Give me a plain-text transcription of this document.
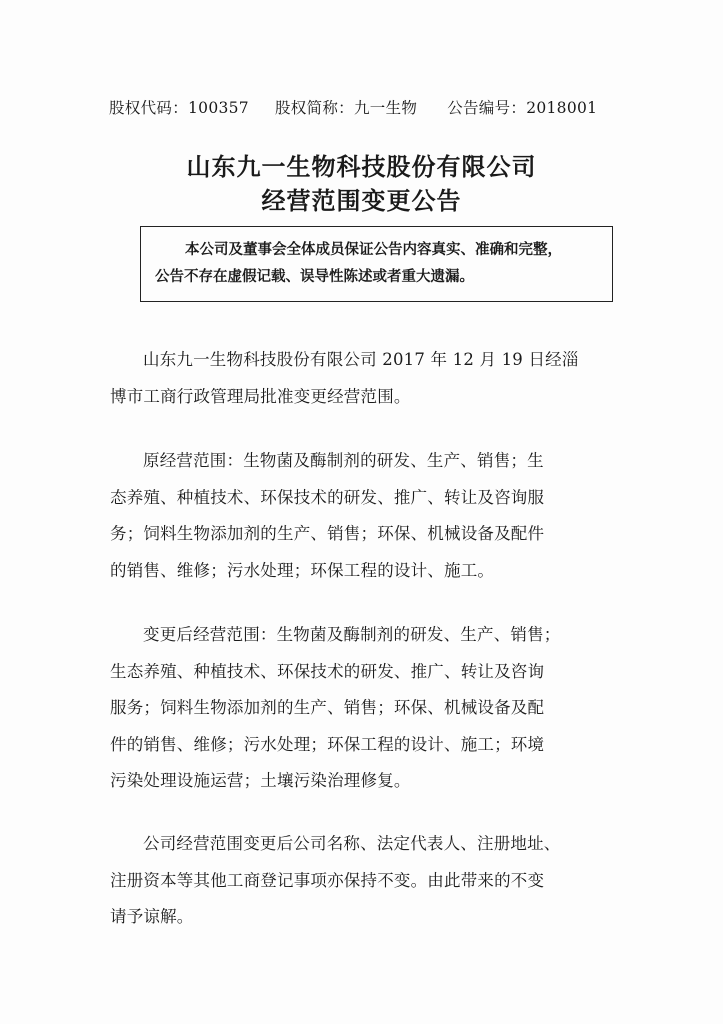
股权代码：100357 股权简称：九一生物 公告编号：2018001
山东九一生物科技股份有限公司
经营范围变更公告
本公司及董事会全体成员保证公告内容真实、准确和完整，
公告不存在虚假记载、误导性陈述或者重大遗漏。
山东九一生物科技股份有限公司 2017 年 12 月 19 日经淄
博市工商行政管理局批准变更经营范围。
原经营范围：生物菌及酶制剂的研发、生产、销售；生
态养殖、种植技术、环保技术的研发、推广、转让及咨询服
务；饲料生物添加剂的生产、销售；环保、机械设备及配件
的销售、维修；污水处理；环保工程的设计、施工。
变更后经营范围：生物菌及酶制剂的研发、生产、销售；
生态养殖、种植技术、环保技术的研发、推广、转让及咨询
服务；饲料生物添加剂的生产、销售；环保、机械设备及配
件的销售、维修；污水处理；环保工程的设计、施工；环境
污染处理设施运营；土壤污染治理修复。
公司经营范围变更后公司名称、法定代表人、注册地址、
注册资本等其他工商登记事项亦保持不变。由此带来的不变
请予谅解。
